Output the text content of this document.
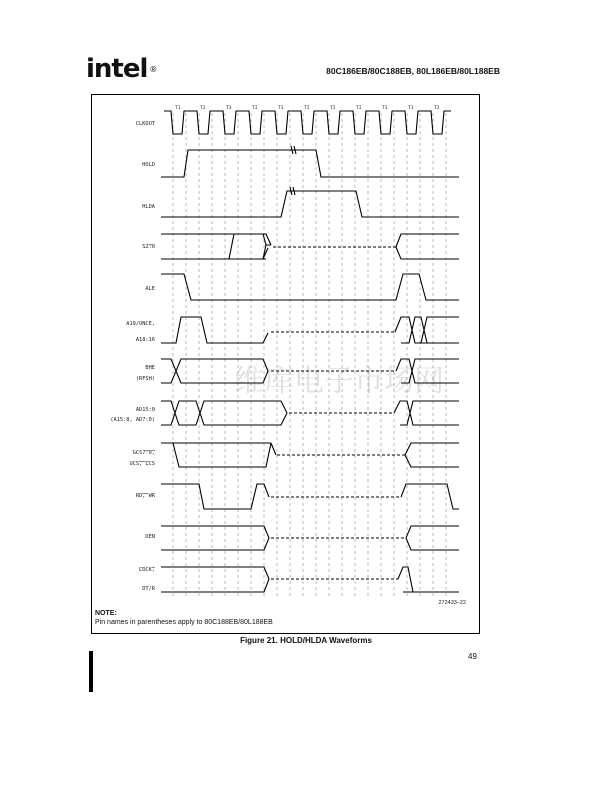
intel ®	80C186EB/80C188EB, 80L186EB/80L188EB
维库电子市场网
T1	T2	T3	TI	TI	TI	TI	TI	TI	T1	T2
CLKOUT
HOLD
HLDA
S2:0
ALE
A19/ONCE,
A18:16
BHE
(RFSH)
AD15:0
(A15:8, AD7:0)
GCS7:0,
UCS, LCS
RD, WR
DEN
LOCK,
DT/R
272433–22
NOTE:
Pin names in parentheses apply to 80C188EB/80L188EB
Figure 21. HOLD/HLDA Waveforms
49
